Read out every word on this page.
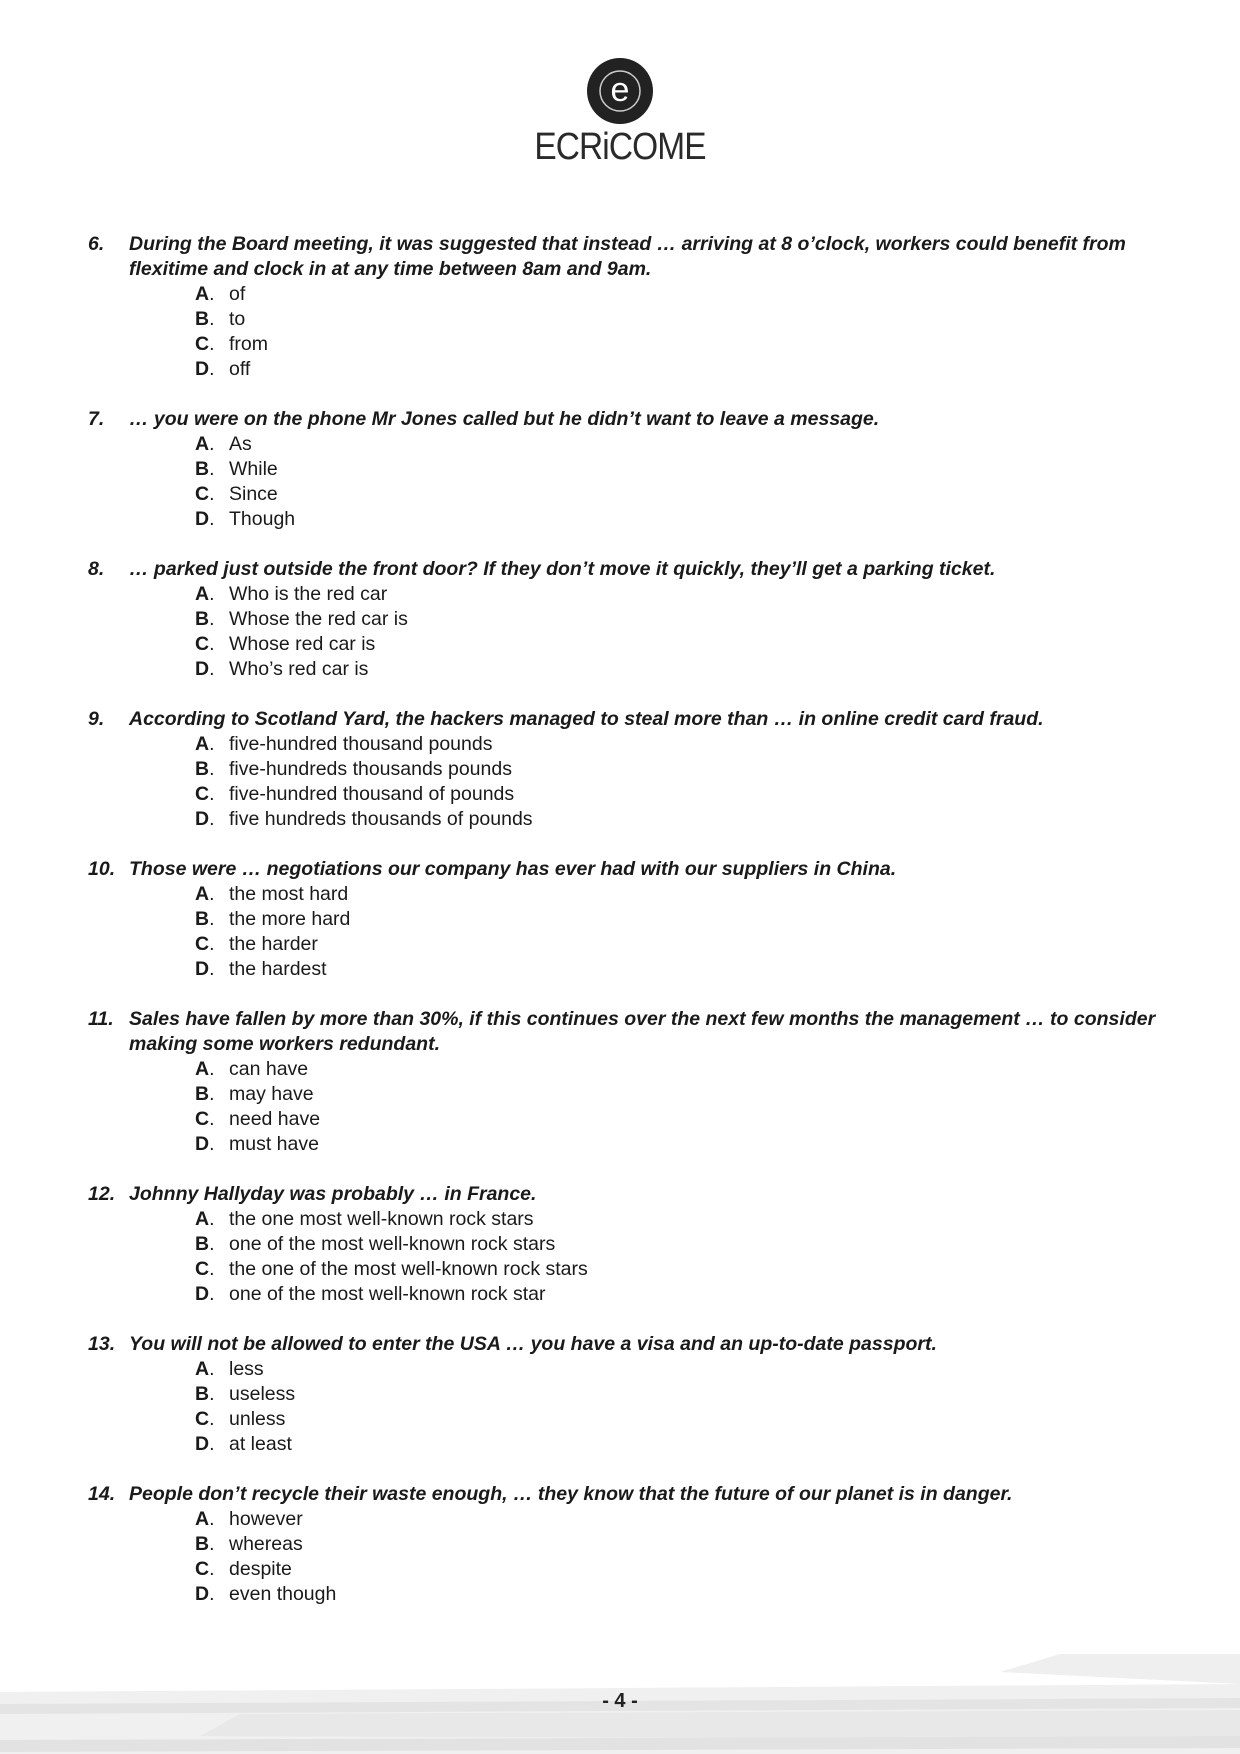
e
ECRiCOME
6.	During the Board meeting, it was suggested that instead … arriving at 8 o’clock, workers could benefit from flexitime and clock in at any time between 8am and 9am.
A. of
B. to
C. from
D. off
7.	… you were on the phone Mr Jones called but he didn’t want to leave a message.
A. As
B. While
C. Since
D. Though
8.	… parked just outside the front door? If they don’t move it quickly, they’ll get a parking ticket.
A. Who is the red car
B. Whose the red car is
C. Whose red car is
D. Who’s red car is
9.	According to Scotland Yard, the hackers managed to steal more than … in online credit card fraud.
A. five-hundred thousand pounds
B. five-hundreds thousands pounds
C. five-hundred thousand of pounds
D. five hundreds thousands of pounds
10. Those were … negotiations our company has ever had with our suppliers in China.
A. the most hard
B. the more hard
C. the harder
D. the hardest
11. Sales have fallen by more than 30%, if this continues over the next few months the management … to consider making some workers redundant.
A. can have
B. may have
C. need have
D. must have
12. Johnny Hallyday was probably … in France.
A. the one most well-known rock stars
B. one of the most well-known rock stars
C. the one of the most well-known rock stars
D. one of the most well-known rock star
13. You will not be allowed to enter the USA … you have a visa and an up-to-date passport.
A. less
B. useless
C. unless
D. at least
14. People don’t recycle their waste enough, … they know that the future of our planet is in danger.
A. however
B. whereas
C. despite
D. even though
- 4 -
